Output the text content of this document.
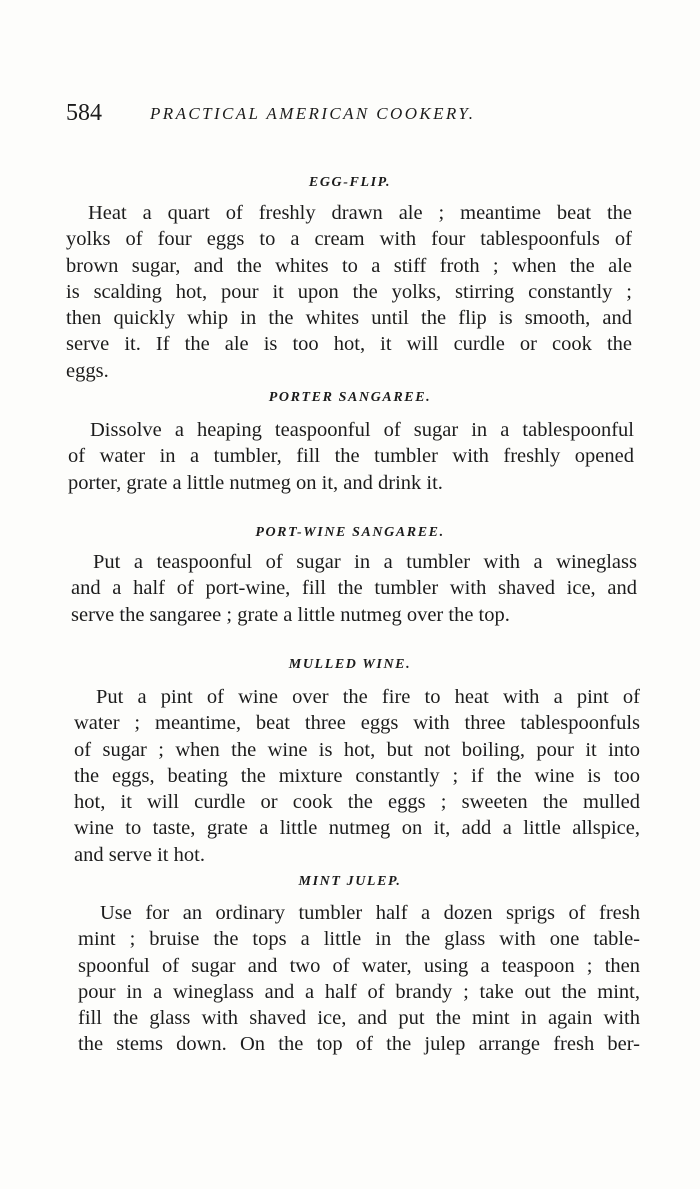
584	PRACTICAL AMERICAN COOKERY.
EGG-FLIP.

Heat a quart of freshly drawn ale ; meantime beat the
yolks of four eggs to a cream with four tablespoonfuls of
brown sugar, and the whites to a stiff froth ; when the ale
is scalding hot, pour it upon the yolks, stirring constantly ;
then quickly whip in the whites until the flip is smooth, and
serve it. If the ale is too hot, it will curdle or cook the
eggs.

PORTER SANGAREE.

Dissolve a heaping teaspoonful of sugar in a tablespoonful
of water in a tumbler, fill the tumbler with freshly opened
porter, grate a little nutmeg on it, and drink it.

PORT-WINE SANGAREE.

Put a teaspoonful of sugar in a tumbler with a wineglass
and a half of port-wine, fill the tumbler with shaved ice, and
serve the sangaree ; grate a little nutmeg over the top.

MULLED WINE.

Put a pint of wine over the fire to heat with a pint of
water ; meantime, beat three eggs with three tablespoonfuls
of sugar ; when the wine is hot, but not boiling, pour it into
the eggs, beating the mixture constantly ; if the wine is too
hot, it will curdle or cook the eggs ; sweeten the mulled
wine to taste, grate a little nutmeg on it, add a little allspice,
and serve it hot.

MINT JULEP.

Use for an ordinary tumbler half a dozen sprigs of fresh
mint ; bruise the tops a little in the glass with one table-
spoonful of sugar and two of water, using a teaspoon ; then
pour in a wineglass and a half of brandy ; take out the mint,
fill the glass with shaved ice, and put the mint in again with
the stems down. On the top of the julep arrange fresh ber-
